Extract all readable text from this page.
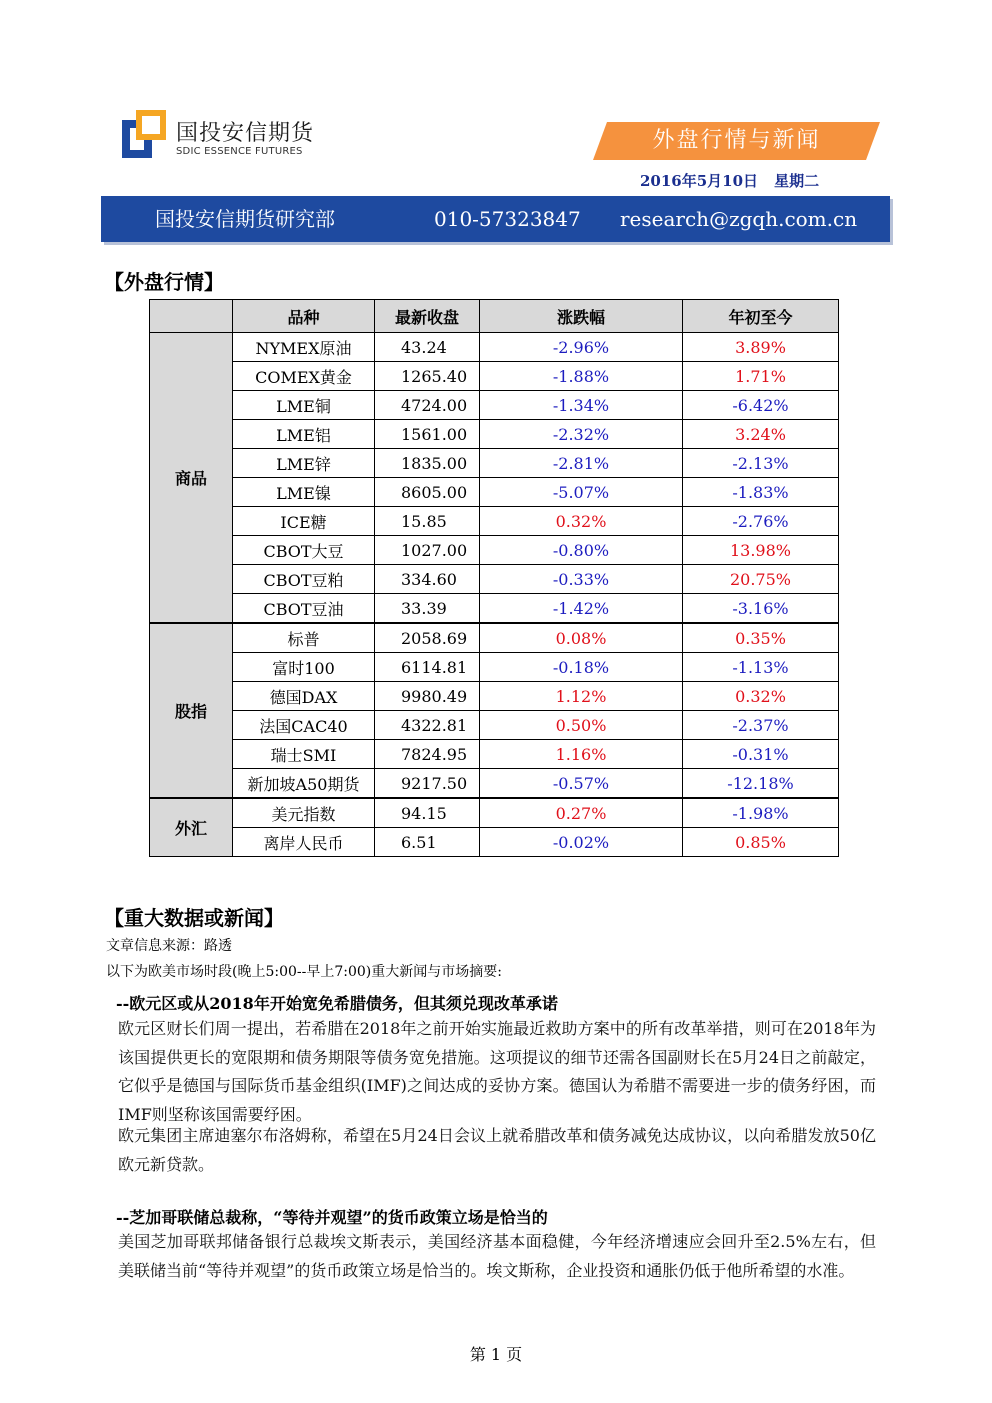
国投安信期货
SDIC ESSENCE FUTURES	外盘行情与新闻
2016年5月10日 星期二
国投安信期货研究部	010-57323847 research@zgqh.com.cn
【外盘行情】
	品种	最新收盘	涨跌幅	年初至今
商品	NYMEX原油	43.24	-2.96%	3.89%
	COMEX黄金	1265.40	-1.88%	1.71%
	LME铜	4724.00	-1.34%	-6.42%
	LME铝	1561.00	-2.32%	3.24%
	LME锌	1835.00	-2.81%	-2.13%
	LME镍	8605.00	-5.07%	-1.83%
	ICE糖	15.85	0.32%	-2.76%
	CBOT大豆	1027.00	-0.80%	13.98%
	CBOT豆粕	334.60	-0.33%	20.75%
	CBOT豆油	33.39	-1.42%	-3.16%
股指	标普	2058.69	0.08%	0.35%
	富时100	6114.81	-0.18%	-1.13%
	德国DAX	9980.49	1.12%	0.32%
	法国CAC40	4322.81	0.50%	-2.37%
	瑞士SMI	7824.95	1.16%	-0.31%
	新加坡A50期货	9217.50	-0.57%	-12.18%
外汇	美元指数	94.15	0.27%	-1.98%
	离岸人民币	6.51	-0.02%	0.85%
【重大数据或新闻】
文章信息来源：路透
以下为欧美市场时段(晚上5:00--早上7:00)重大新闻与市场摘要:
--欧元区或从2018年开始宽免希腊债务，但其须兑现改革承诺
欧元区财长们周一提出，若希腊在2018年之前开始实施最近救助方案中的所有改革举措，则可在2018年为该国提供更长的宽限期和债务期限等债务宽免措施。这项提议的细节还需各国副财长在5月24日之前敲定，它似乎是德国与国际货币基金组织(IMF)之间达成的妥协方案。德国认为希腊不需要进一步的债务纾困，而IMF则坚称该国需要纾困。
欧元集团主席迪塞尔布洛姆称，希望在5月24日会议上就希腊改革和债务减免达成协议，以向希腊发放50亿欧元新贷款。
--芝加哥联储总裁称，“等待并观望”的货币政策立场是恰当的
美国芝加哥联邦储备银行总裁埃文斯表示，美国经济基本面稳健，今年经济增速应会回升至2.5%左右，但美联储当前“等待并观望”的货币政策立场是恰当的。埃文斯称，企业投资和通胀仍低于他所希望的水准。
第 1 页
